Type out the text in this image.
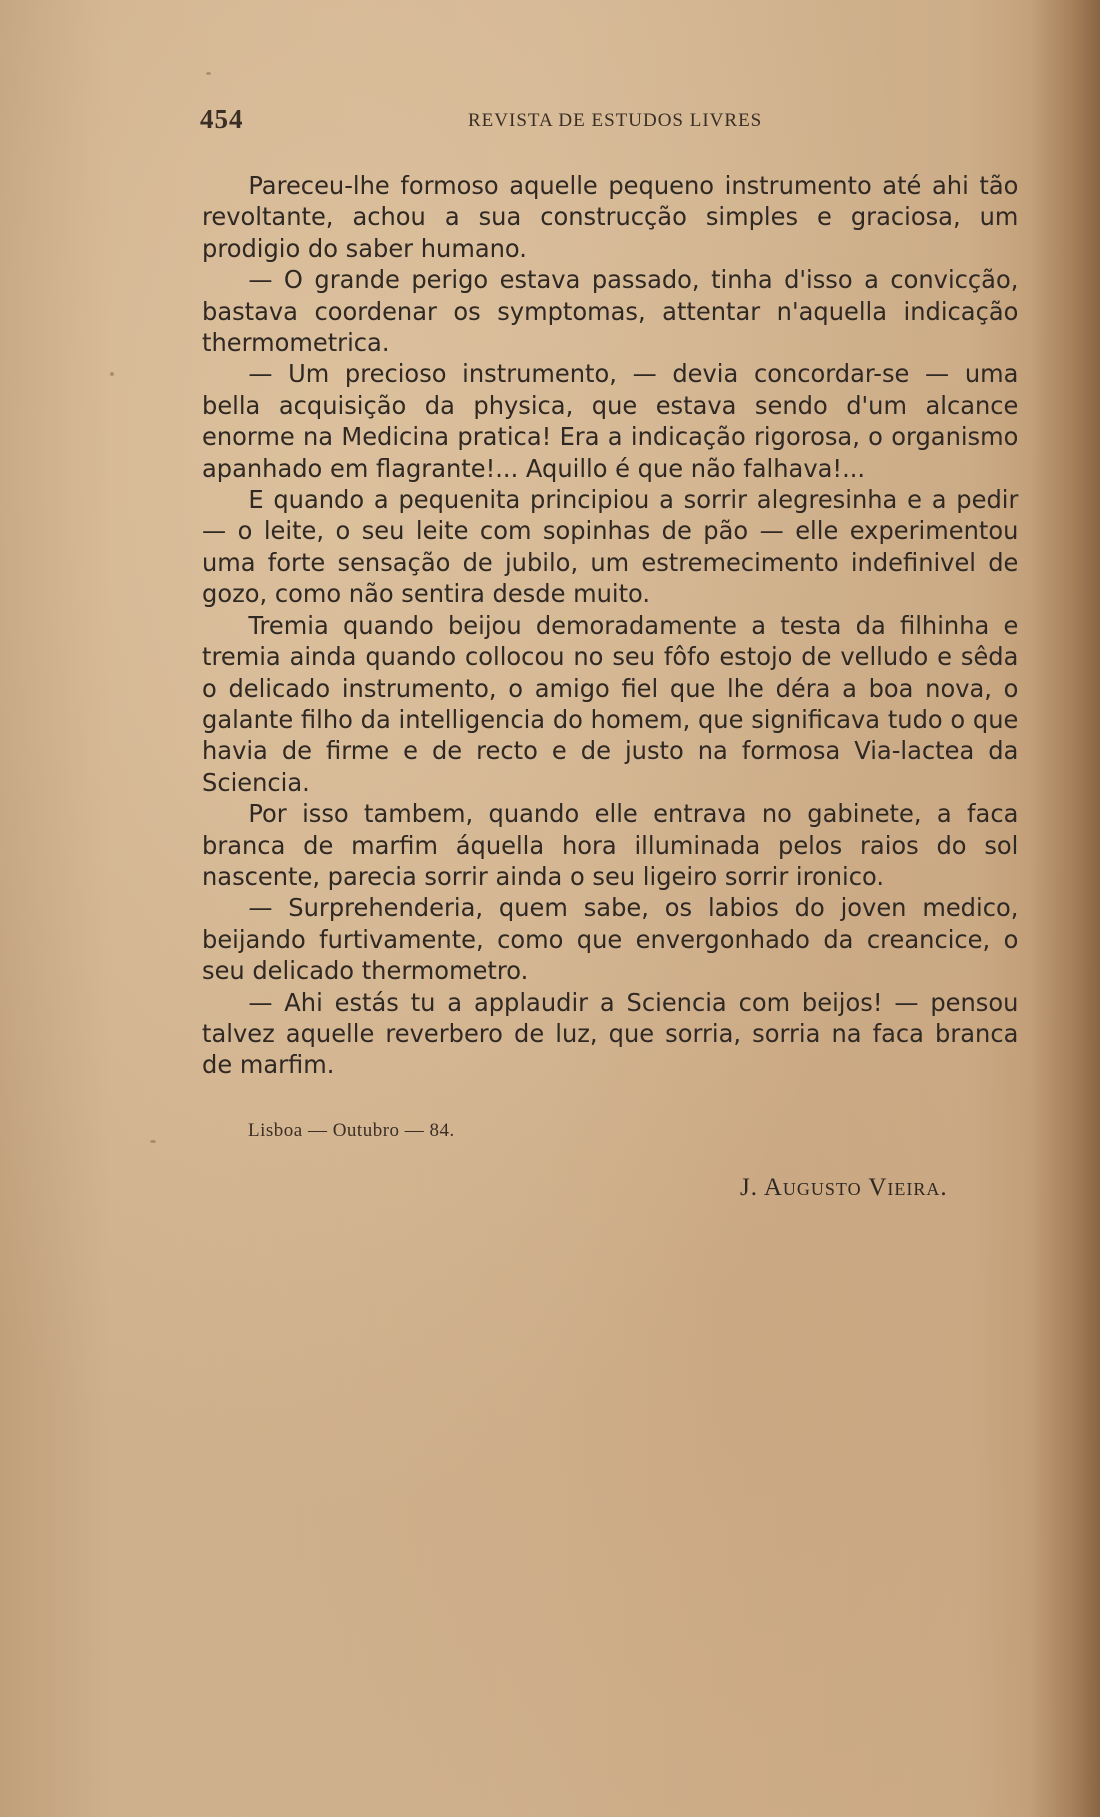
454	REVISTA DE ESTUDOS LIVRES

Pareceu-lhe formoso aquelle pequeno instrumento até ahi tão revoltante, achou a sua construcção simples e graciosa, um prodigio do saber humano.

— O grande perigo estava passado, tinha d'isso a convicção, bastava coordenar os symptomas, attentar n'aquella indicação thermometrica.

— Um precioso instrumento, — devia concordar-se — uma bella acquisição da physica, que estava sendo d'um alcance enorme na Medicina pratica! Era a indicação rigorosa, o organismo apanhado em flagrante!... Aquillo é que não falhava!...

E quando a pequenita principiou a sorrir alegresinha e a pedir — o leite, o seu leite com sopinhas de pão — elle experimentou uma forte sensação de jubilo, um estremecimento indefinivel de gozo, como não sentira desde muito.

Tremia quando beijou demoradamente a testa da filhinha e tremia ainda quando collocou no seu fôfo estojo de velludo e sêda o delicado instrumento, o amigo fiel que lhe déra a boa nova, o galante filho da intelligencia do homem, que significava tudo o que havia de firme e de recto e de justo na formosa Via-lactea da Sciencia.

Por isso tambem, quando elle entrava no gabinete, a faca branca de marfim áquella hora illuminada pelos raios do sol nascente, parecia sorrir ainda o seu ligeiro sorrir ironico.

— Surprehenderia, quem sabe, os labios do joven medico, beijando furtivamente, como que envergonhado da creancice, o seu delicado thermometro.

— Ahi estás tu a applaudir a Sciencia com beijos! — pensou talvez aquelle reverbero de luz, que sorria, sorria na faca branca de marfim.

Lisboa — Outubro — 84.
J. Augusto Vieira.
